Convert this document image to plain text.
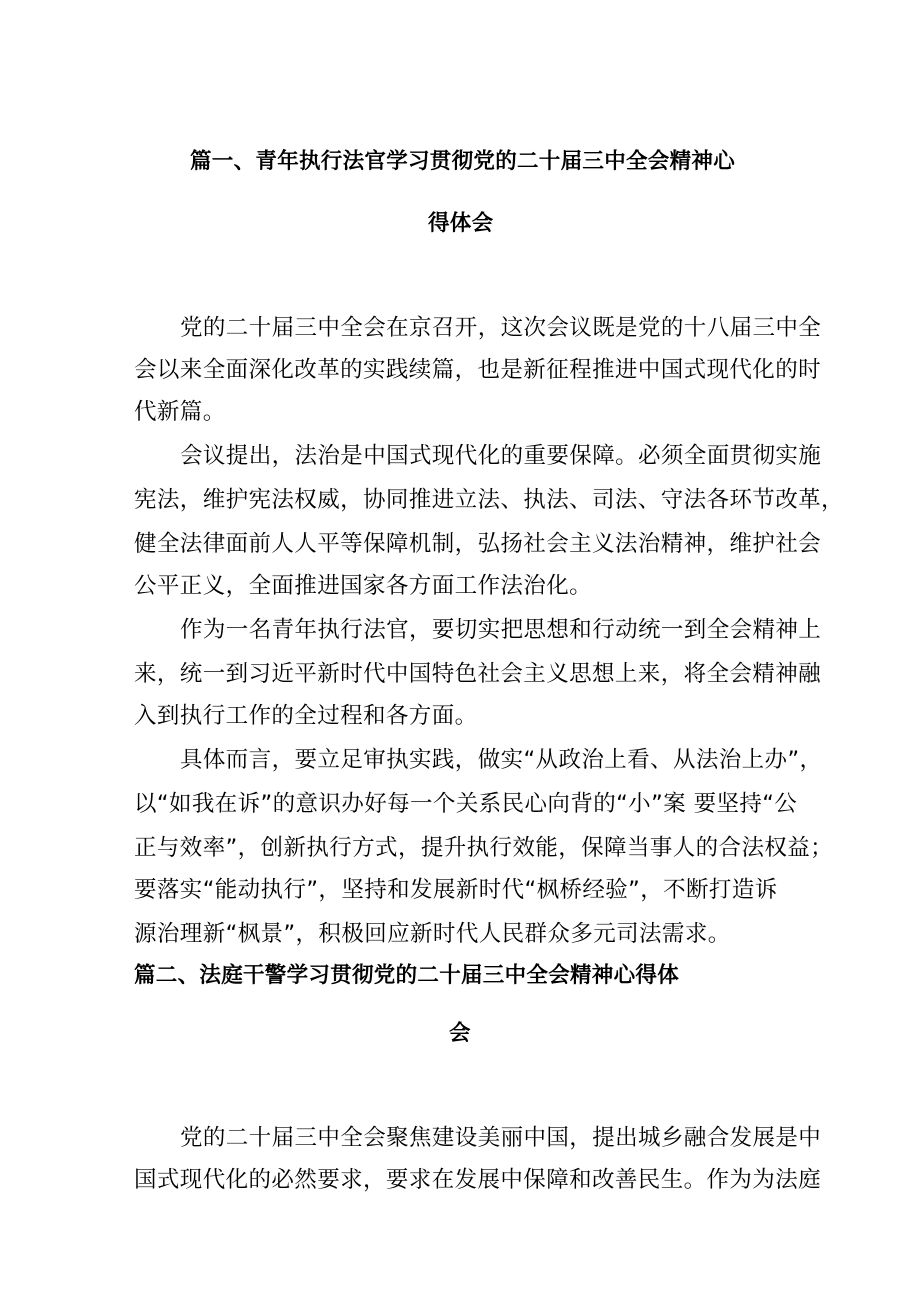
篇一、青年执行法官学习贯彻党的二十届三中全会精神心
得体会
党的二十届三中全会在京召开，这次会议既是党的十八届三中全
会以来全面深化改革的实践续篇，也是新征程推进中国式现代化的时
代新篇。
会议提出，法治是中国式现代化的重要保障。必须全面贯彻实施
宪法，维护宪法权威，协同推进立法、执法、司法、守法各环节改革，
健全法律面前人人平等保障机制，弘扬社会主义法治精神，维护社会
公平正义，全面推进国家各方面工作法治化。
作为一名青年执行法官，要切实把思想和行动统一到全会精神上
来，统一到习近平新时代中国特色社会主义思想上来，将全会精神融
入到执行工作的全过程和各方面。
具体而言，要立足审执实践，做实“从政治上看、从法治上办”，
以“如我在诉”的意识办好每一个关系民心向背的“小”案 要坚持“公
正与效率”，创新执行方式，提升执行效能，保障当事人的合法权益；
要落实“能动执行”，坚持和发展新时代“枫桥经验”，不断打造诉
源治理新“枫景”，积极回应新时代人民群众多元司法需求。
篇二、法庭干警学习贯彻党的二十届三中全会精神心得体
会
党的二十届三中全会聚焦建设美丽中国，提出城乡融合发展是中
国式现代化的必然要求，要求在发展中保障和改善民生。作为为法庭
